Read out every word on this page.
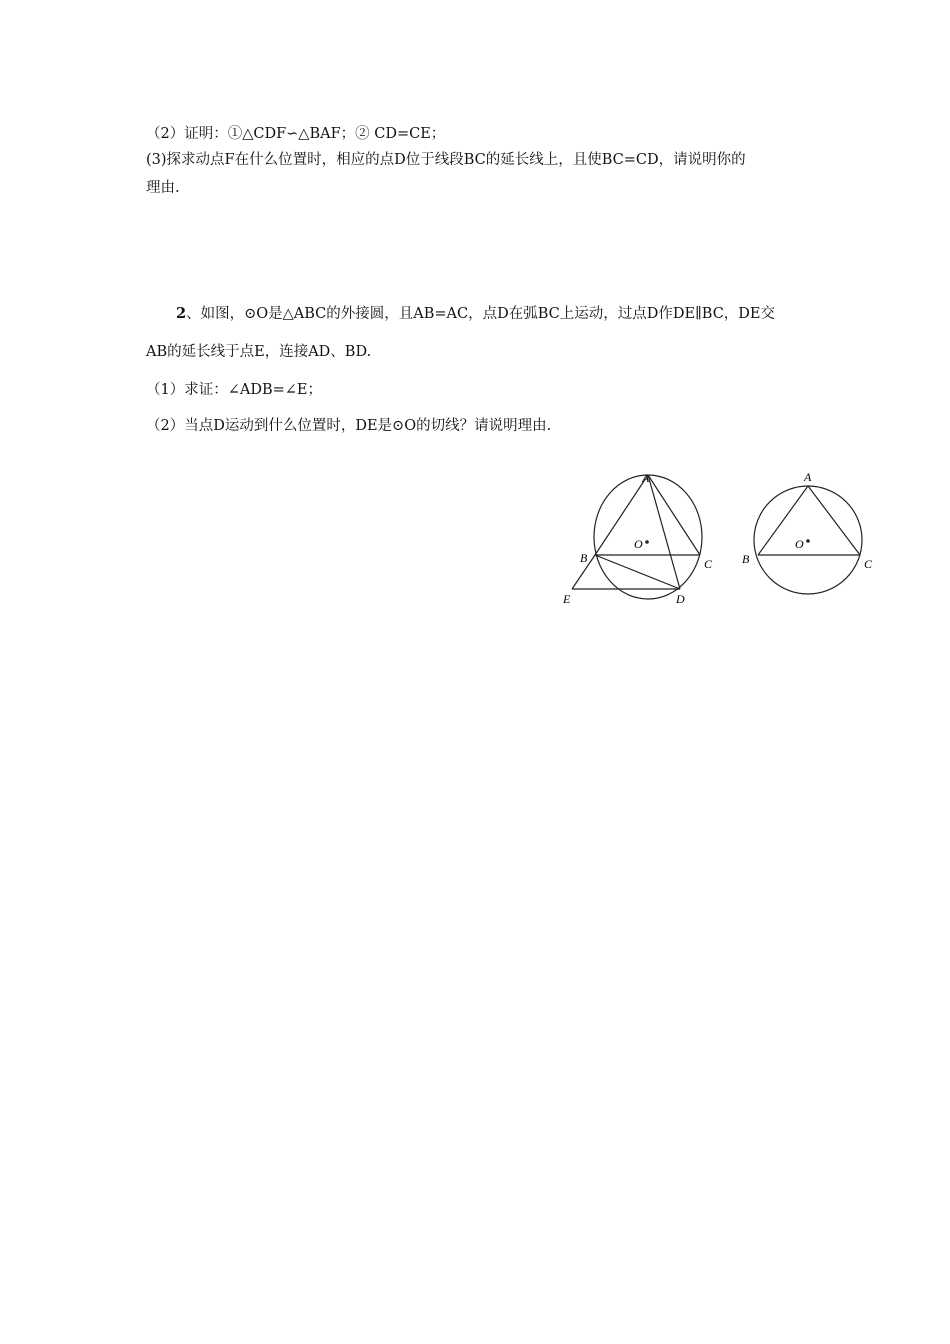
（2）证明：①△CDF∽△BAF；② CD=CE；
(3)探求动点F在什么位置时，相应的点D位于线段BC的延长线上，且使BC=CD，请说明你的
理由.
2、如图，⊙O是△ABC的外接圆，且AB=AC，点D在弧BC上运动，过点D作DE∥BC，DE交
AB的延长线于点E，连接AD、BD.
（1）求证：∠ADB=∠E；
（2）当点D运动到什么位置时，DE是⊙O的切线？请说明理由.
A
B	C
D
E
O
A
B	C
O
